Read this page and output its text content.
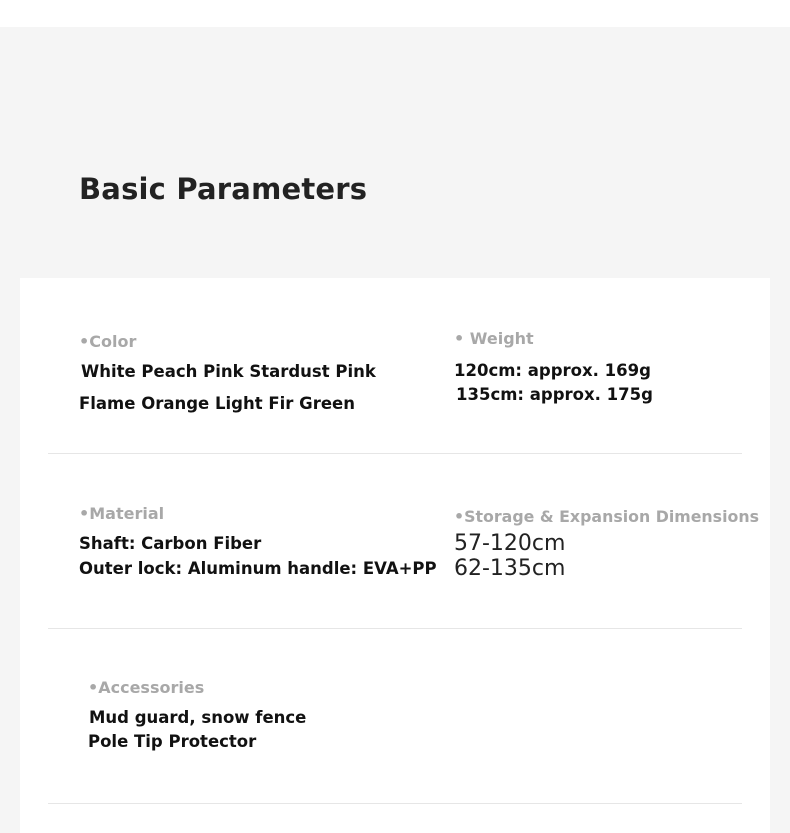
Basic Parameters
•Color
White Peach Pink Stardust Pink
Flame Orange Light Fir Green
• Weight
120cm: approx. 169g
135cm: approx. 175g
•Material
Shaft: Carbon Fiber
Outer lock: Aluminum handle: EVA+PP
•Storage & Expansion Dimensions
57-120cm
62-135cm
•Accessories
Mud guard, snow fence
Pole Tip Protector
